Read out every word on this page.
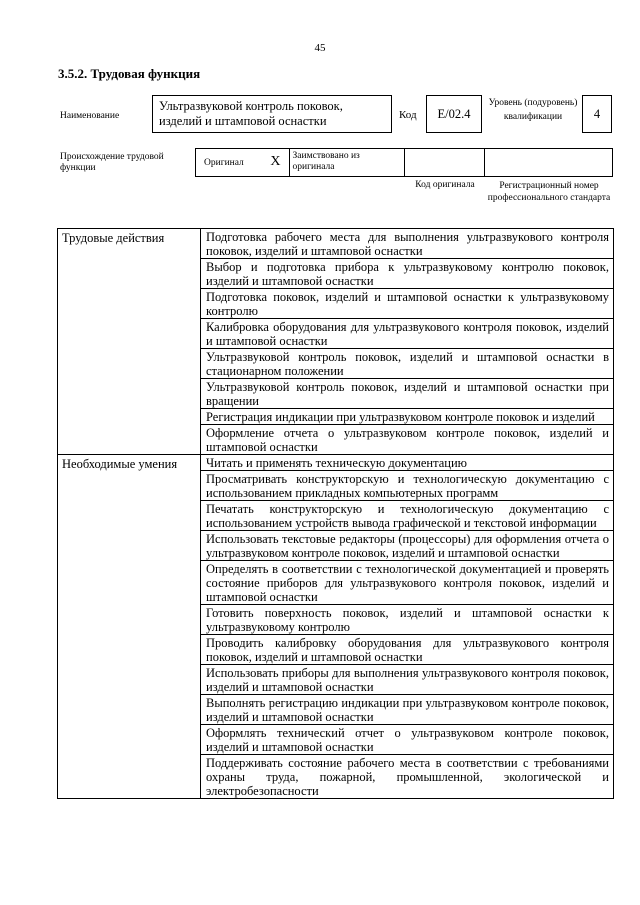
45
3.5.2. Трудовая функция
Наименование
Ультразвуковой контроль поковок, изделий и штамповой оснастки	Код	E/02.4
Уровень (подуровень) квалификации	4
Происхождение трудовой функции	Оригинал X Заимствовано из оригинала
Код оригинала	Регистрационный номер профессионального стандарта
Трудовые действия	Подготовка рабочего места для выполнения ультразвукового контроля поковок, изделий и штамповой оснастки
	Выбор и подготовка прибора к ультразвуковому контролю поковок, изделий и штамповой оснастки
	Подготовка поковок, изделий и штамповой оснастки к ультразвуковому контролю
	Калибровка оборудования для ультразвукового контроля поковок, изделий и штамповой оснастки
	Ультразвуковой контроль поковок, изделий и штамповой оснастки в стационарном положении
	Ультразвуковой контроль поковок, изделий и штамповой оснастки при вращении
	Регистрация индикации при ультразвуковом контроле поковок и изделий
	Оформление отчета о ультразвуковом контроле поковок, изделий и штамповой оснастки
Необходимые умения	Читать и применять техническую документацию
	Просматривать конструкторскую и технологическую документацию с использованием прикладных компьютерных программ
	Печатать конструкторскую и технологическую документацию с использованием устройств вывода графической и текстовой информации
	Использовать текстовые редакторы (процессоры) для оформления отчета о ультразвуковом контроле поковок, изделий и штамповой оснастки
	Определять в соответствии с технологической документацией и проверять состояние приборов для ультразвукового контроля поковок, изделий и штамповой оснастки
	Готовить поверхность поковок, изделий и штамповой оснастки к ультразвуковому контролю
	Проводить калибровку оборудования для ультразвукового контроля поковок, изделий и штамповой оснастки
	Использовать приборы для выполнения ультразвукового контроля поковок, изделий и штамповой оснастки
	Выполнять регистрацию индикации при ультразвуковом контроле поковок, изделий и штамповой оснастки
	Оформлять технический отчет о ультразвуковом контроле поковок, изделий и штамповой оснастки
	Поддерживать состояние рабочего места в соответствии с требованиями охраны труда, пожарной, промышленной, экологической и электробезопасности
